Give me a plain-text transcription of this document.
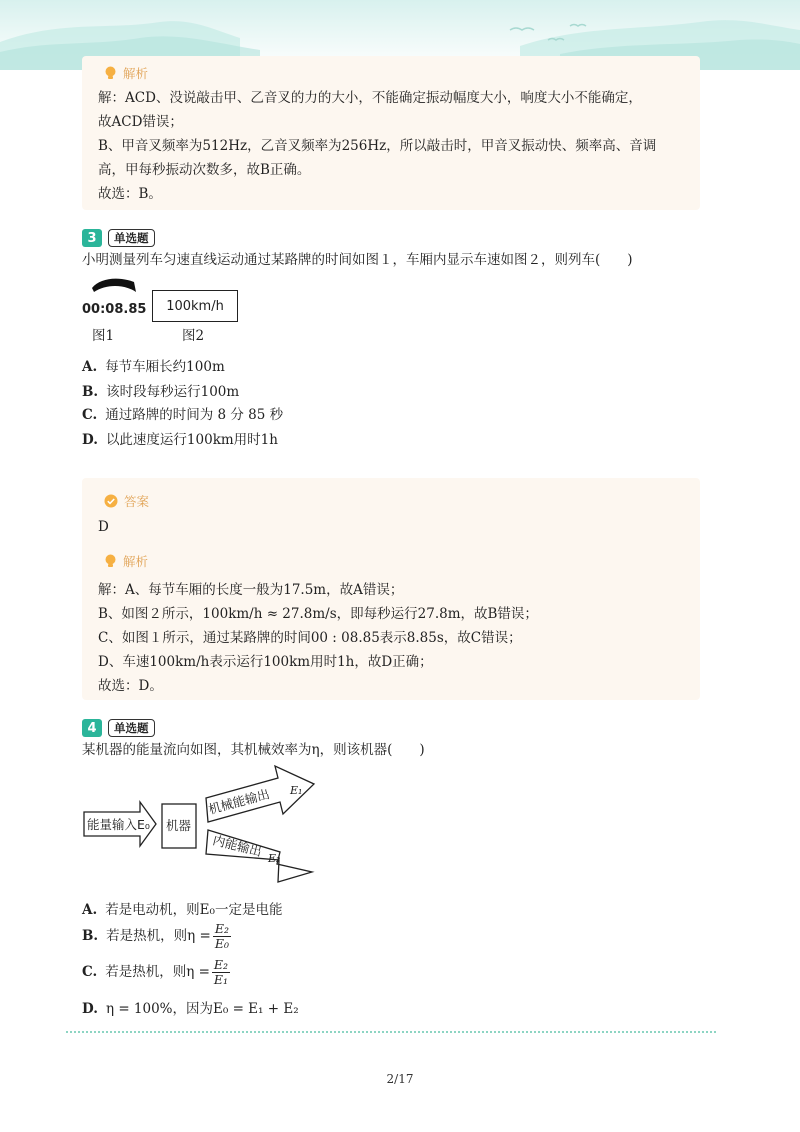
解析
解：ACD、没说敲击甲、乙音叉的力的大小，不能确定振动幅度大小，响度大小不能确定，
故ACD错误；
B、甲音叉频率为512Hz，乙音叉频率为256Hz，所以敲击时，甲音叉振动快、频率高、音调
高，甲每秒振动次数多，故B正确。
故选：B。
3	单选题
小明测量列车匀速直线运动通过某路牌的时间如图１，车厢内显示车速如图２，则列车(　　)
00:08.85
图1
100km/h
图2
A. 每节车厢长约100m
B. 该时段每秒运行100m
C. 通过路牌的时间为 8 分 85 秒
D. 以此速度运行100km用时1h
答案
D
解析
解：A、每节车厢的长度一般为17.5m，故A错误；
B、如图２所示，100km/h ≈ 27.8m/s，即每秒运行27.8m，故B错误；
C、如图１所示，通过某路牌的时间00 : 08.85表示8.85s，故C错误；
D、车速100km/h表示运行100km用时1h，故D正确；
故选：D。
4	单选题
某机器的能量流向如图，其机械效率为η，则该机器(　　)
能量输入E₀ 机器
机械能输出 E₁
内能输出 E₂
A. 若是电动机，则E₀一定是电能
B. 若是热机，则$\eta = \frac{\text{E₂}}{\text{E₀}}$
C. 若是热机，则$\eta = \frac{\text{E₂}}{\text{E₁}}$
D. η = 100%，因为E₀ = E₁ + E₂
2/17
